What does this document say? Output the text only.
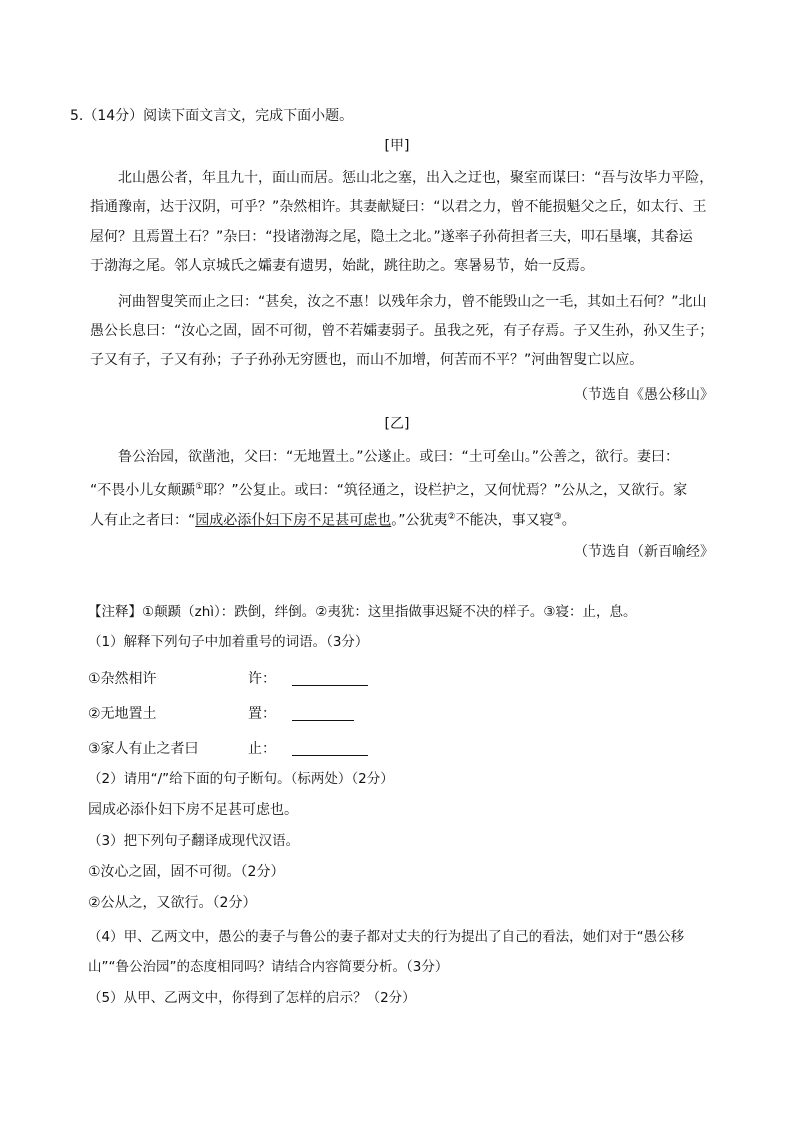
5.（14分）阅读下面文言文，完成下面小题。
[甲]
北山愚公者，年且九十，面山而居。惩山北之塞，出入之迂也，聚室而谋曰：“吾与汝毕力平险，
指通豫南，达于汉阴，可乎？”杂然相许。其妻献疑曰：“以君之力，曾不能损魁父之丘，如太行、王
屋何？且焉置土石？”杂曰：“投诸渤海之尾，隐土之北。”遂率子孙荷担者三夫，叩石垦壤，其畚运
于渤海之尾。邻人京城氏之孀妻有遗男，始龀，跳往助之。寒暑易节，始一反焉。
河曲智叟笑而止之曰：“甚矣，汝之不惠！以残年余力，曾不能毁山之一毛，其如土石何？”北山
愚公长息曰：“汝心之固，固不可彻，曾不若孀妻弱子。虽我之死，有子存焉。子又生孙，孙又生子；
子又有子，子又有孙；子子孙孙无穷匮也，而山不加增，何苦而不平？”河曲智叟亡以应。
（节选自《愚公移山》
[乙]
鲁公治园，欲凿池，父曰：“无地置土。”公遂止。或曰：“土可垒山。”公善之，欲行。妻曰：
“不畏小儿女颠踬①耶？”公复止。或曰：“筑径通之，设栏护之，又何忧焉？”公从之，又欲行。家
人有止之者曰：“园成必添仆妇下房不足甚可虑也。”公犹夷②不能决，事又寝③。
（节选自（新百喻经》
【注释】①颠踬（zhì）：跌倒，绊倒。②夷犹：这里指做事迟疑不决的样子。③寝：止，息。
（1）解释下列句子中加着重号的词语。（3分）
①杂然相许	许：
②无地置土	置：
③家人有止之者曰	止：
（2）请用“/”给下面的句子断句。（标两处）（2分）
园成必添仆妇下房不足甚可虑也。
（3）把下列句子翻译成现代汉语。
①汝心之固，固不可彻。（2分）
②公从之，又欲行。（2分）
（4）甲、乙两文中，愚公的妻子与鲁公的妻子都对丈夫的行为提出了自己的看法，她们对于“愚公移
山”“鲁公治园”的态度相同吗？请结合内容简要分析。（3分）
（5）从甲、乙两文中，你得到了怎样的启示？（2分）
